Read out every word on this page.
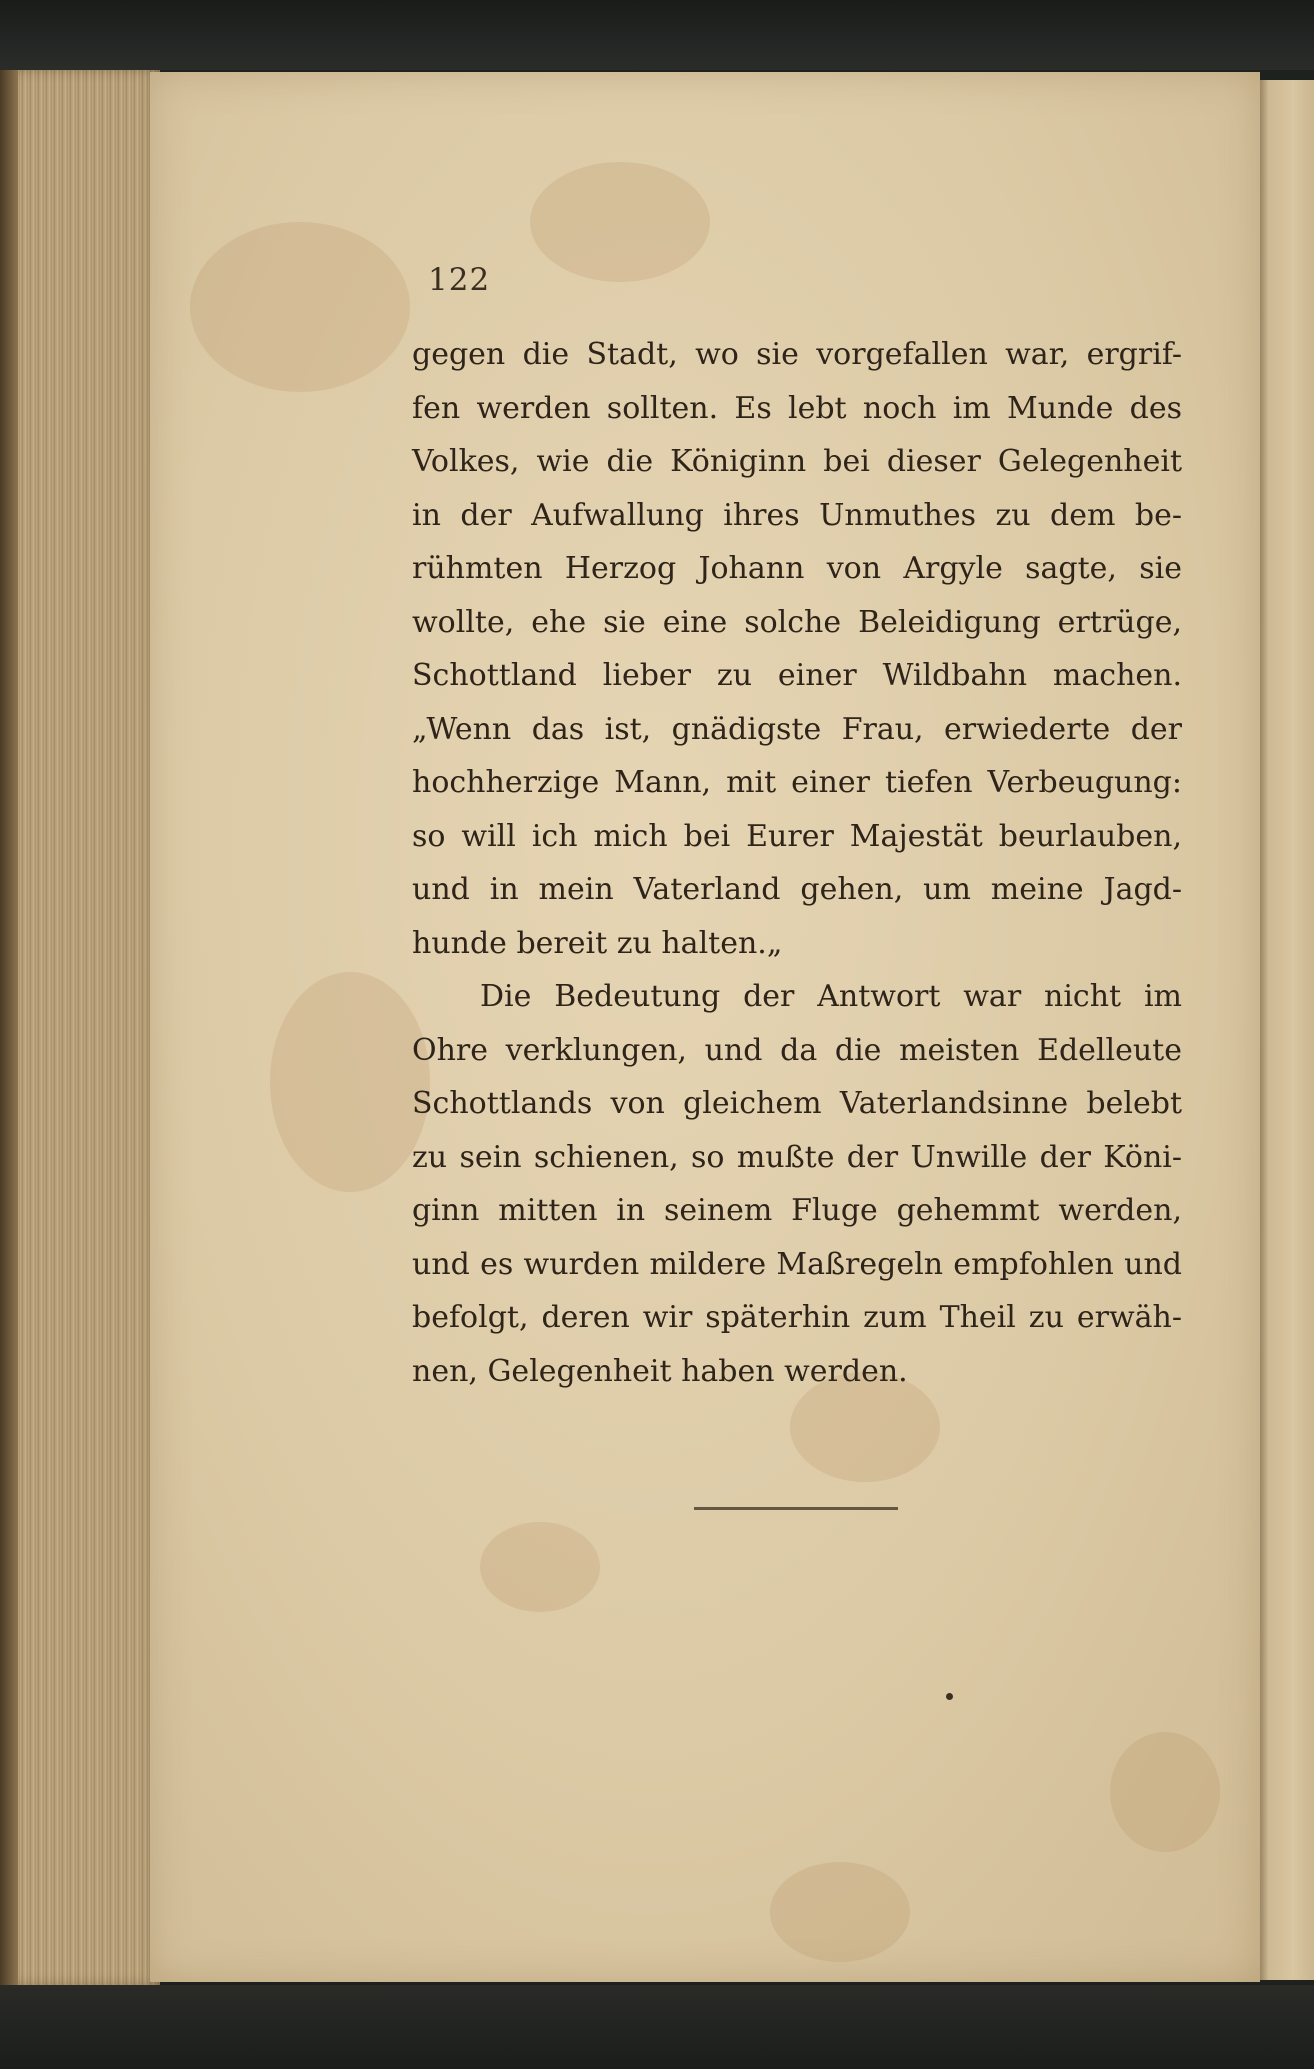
122
gegen die Stadt, wo sie vorgefallen war, ergrif-
fen werden sollten. Es lebt noch im Munde des
Volkes, wie die Königinn bei dieser Gelegenheit
in der Aufwallung ihres Unmuthes zu dem be-
rühmten Herzog Johann von Argyle sagte, sie
wollte, ehe sie eine solche Beleidigung ertrüge,
Schottland lieber zu einer Wildbahn machen.
„Wenn das ist, gnädigste Frau, erwiederte der
hochherzige Mann, mit einer tiefen Verbeugung:
so will ich mich bei Eurer Majestät beurlauben,
und in mein Vaterland gehen, um meine Jagd-
hunde bereit zu halten.„
Die Bedeutung der Antwort war nicht im
Ohre verklungen, und da die meisten Edelleute
Schottlands von gleichem Vaterlandsinne belebt
zu sein schienen, so mußte der Unwille der Köni-
ginn mitten in seinem Fluge gehemmt werden,
und es wurden mildere Maßregeln empfohlen und
befolgt, deren wir späterhin zum Theil zu erwäh-
nen, Gelegenheit haben werden.
